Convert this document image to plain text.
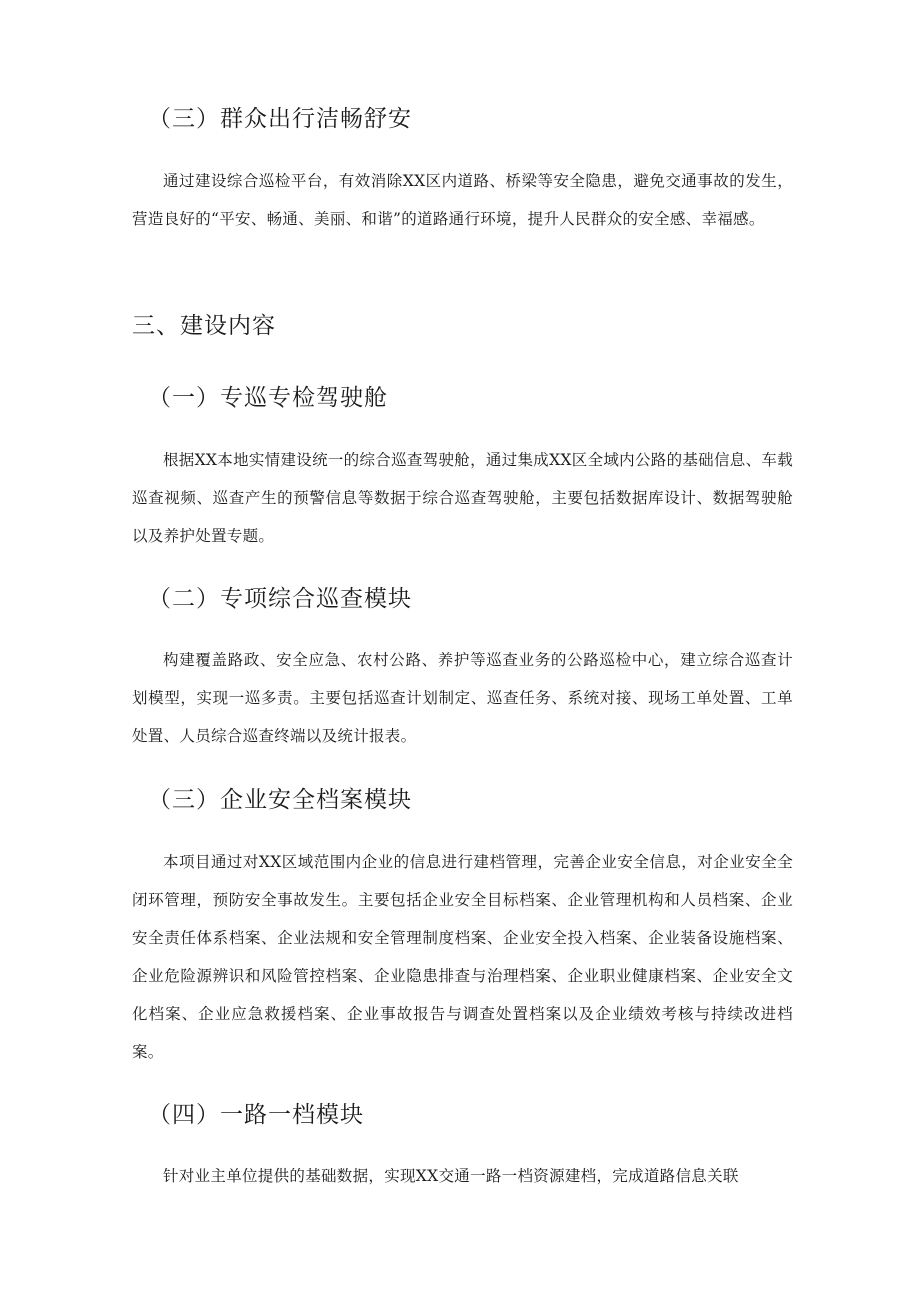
（三）群众出行洁畅舒安

通过建设综合巡检平台，有效消除XX区内道路、桥梁等安全隐患，避免交通事故的发生，营造良好的“平安、畅通、美丽、和谐”的道路通行环境，提升人民群众的安全感、幸福感。

三、建设内容
（一）专巡专检驾驶舱

根据XX本地实情建设统一的综合巡查驾驶舱，通过集成XX区全域内公路的基础信息、车载巡查视频、巡查产生的预警信息等数据于综合巡查驾驶舱，主要包括数据库设计、数据驾驶舱以及养护处置专题。

（二）专项综合巡查模块

构建覆盖路政、安全应急、农村公路、养护等巡查业务的公路巡检中心，建立综合巡查计划模型，实现一巡多责。主要包括巡查计划制定、巡查任务、系统对接、现场工单处置、工单处置、人员综合巡查终端以及统计报表。

（三）企业安全档案模块

本项目通过对XX区域范围内企业的信息进行建档管理，完善企业安全信息，对企业安全全闭环管理，预防安全事故发生。主要包括企业安全目标档案、企业管理机构和人员档案、企业安全责任体系档案、企业法规和安全管理制度档案、企业安全投入档案、企业装备设施档案、企业危险源辨识和风险管控档案、企业隐患排查与治理档案、企业职业健康档案、企业安全文化档案、企业应急救援档案、企业事故报告与调查处置档案以及企业绩效考核与持续改进档案。

（四）一路一档模块

针对业主单位提供的基础数据，实现XX交通一路一档资源建档，完成道路信息关联
